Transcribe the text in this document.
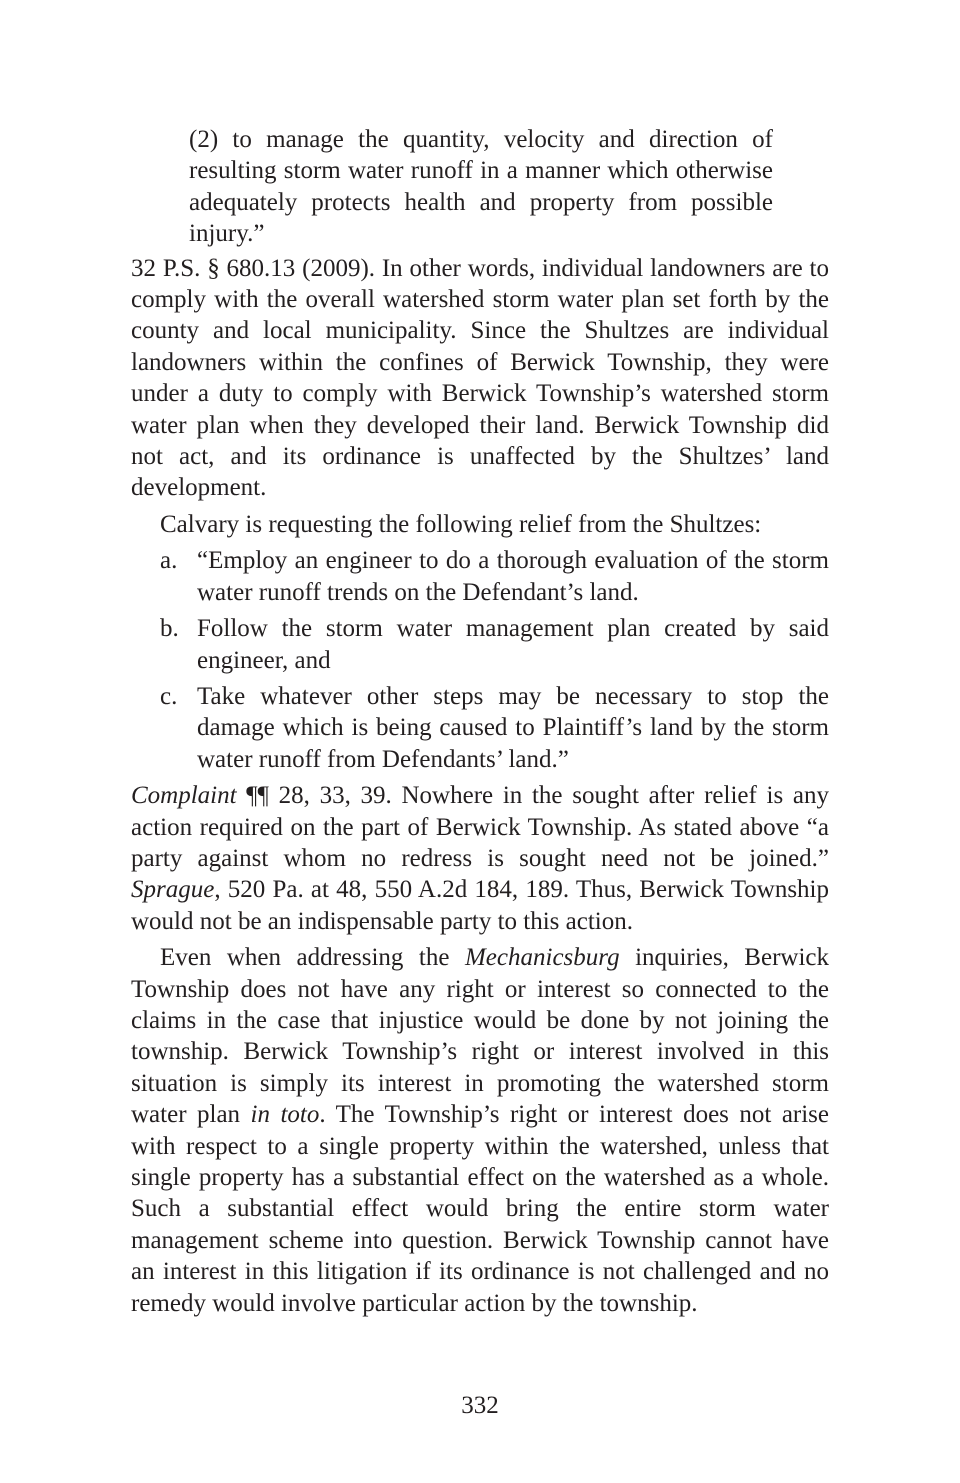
(2) to manage the quantity, velocity and direction of resulting storm water runoff in a manner which otherwise adequately protects health and property from possible injury.”

32 P.S. § 680.13 (2009). In other words, individual landowners are to comply with the overall watershed storm water plan set forth by the county and local municipality. Since the Shultzes are individual landowners within the confines of Berwick Township, they were under a duty to comply with Berwick Township’s watershed storm water plan when they developed their land. Berwick Township did not act, and its ordinance is unaffected by the Shultzes’ land development.

Calvary is requesting the following relief from the Shultzes:

a. “Employ an engineer to do a thorough evaluation of the storm water runoff trends on the Defendant’s land.
b. Follow the storm water management plan created by said engineer, and
c. Take whatever other steps may be necessary to stop the damage which is being caused to Plaintiff’s land by the storm water runoff from Defendants’ land.”

Complaint ¶¶ 28, 33, 39. Nowhere in the sought after relief is any action required on the part of Berwick Township. As stated above “a party against whom no redress is sought need not be joined.” Sprague, 520 Pa. at 48, 550 A.2d 184, 189. Thus, Berwick Township would not be an indispensable party to this action.

Even when addressing the Mechanicsburg inquiries, Berwick Township does not have any right or interest so connected to the claims in the case that injustice would be done by not joining the township. Berwick Township’s right or interest involved in this situation is simply its interest in promoting the watershed storm water plan in toto. The Township’s right or interest does not arise with respect to a single property within the watershed, unless that single property has a substantial effect on the watershed as a whole. Such a substantial effect would bring the entire storm water management scheme into question. Berwick Township cannot have an interest in this litigation if its ordinance is not challenged and no remedy would involve particular action by the township.

332
